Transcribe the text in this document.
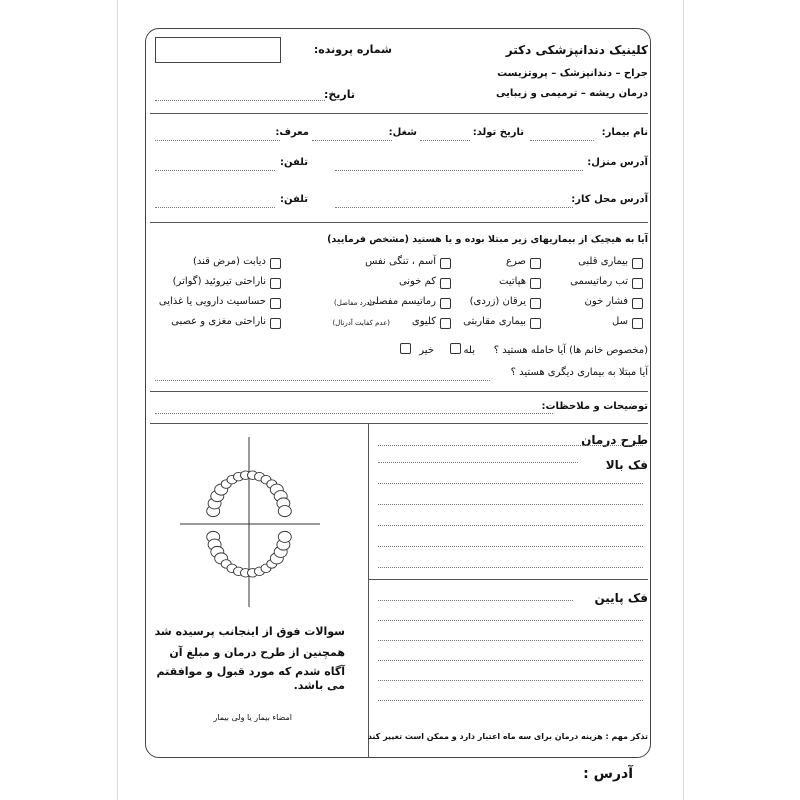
کلینیک دندانپزشکی دکتر
جراح – دندانپزشک – پروتزیست
درمان ریشه – ترمیمی و زیبایی
شماره پرونده:
تاریخ:
نام بیمار:
تاریخ تولد:
شغل:
معرف:
آدرس منزل:
تلفن:
آدرس محل کار:
تلفن:
آیا به هیچیک از بیماریهای زیر مبتلا بوده و یا هستید (مشخص فرمایید)
بیماری قلبی
تب رماتیسمی
فشار خون
سل
صرع
هپاتیت
یرقان (زردی)
بیماری مقاربتی
آسم ، تنگی نفس
کم خونی
رماتیسم مفصلی
(درد مفاصل)
کلیوی
(عدم کفایت آدرنال)
دیابت (مرض قند)
ناراحتی تیروئید (گواتر)
حساسیت دارویی یا غذایی
ناراحتی مغزی و عصبی
(مخصوص خانم ها) آیا حامله هستید ؟
بله
خیر
آیا مبتلا به بیماری دیگری هستید ؟
توضیحات و ملاحظات:
طرح درمان
فک بالا
فک پایین
تذکر مهم : هزینه درمان برای سه ماه اعتبار دارد و ممکن است تغییر کند
سوالات فوق از اینجانب پرسیده شد
همچنین از طرح درمان و مبلغ آن
آگاه شدم که مورد قبول و موافقتم
می باشد.
امضاء بیمار یا ولی بیمار
آدرس :
